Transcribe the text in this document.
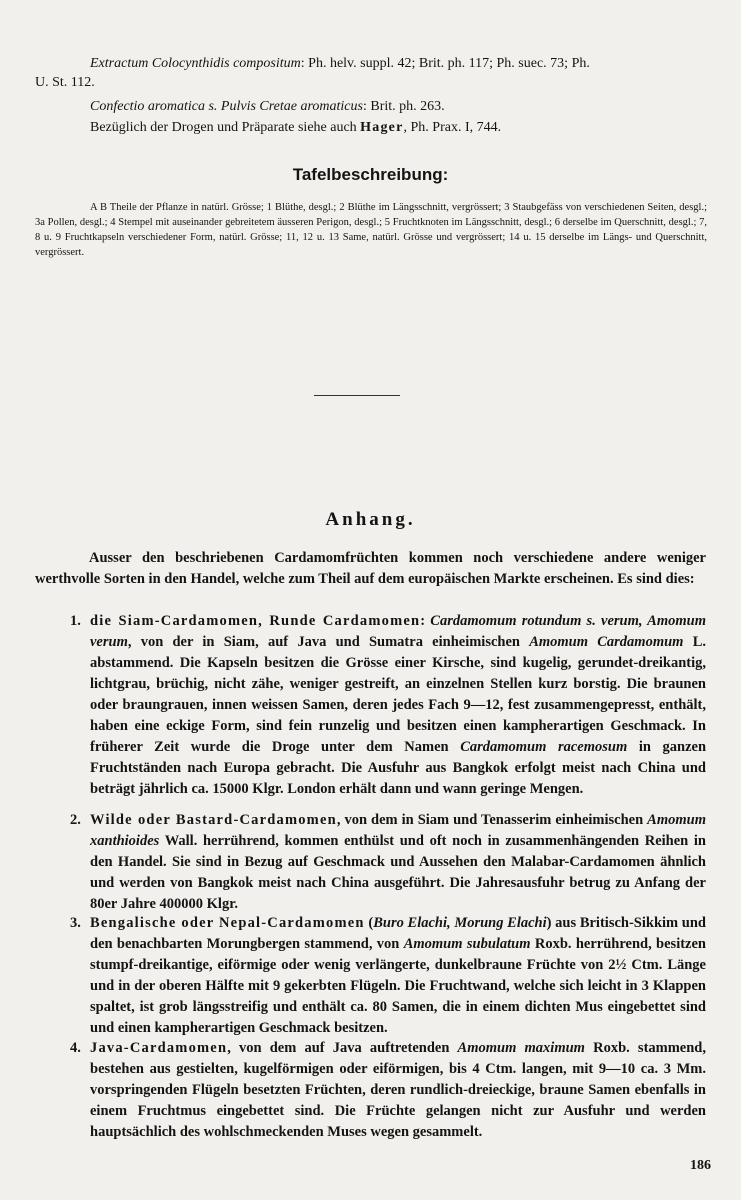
Extractum Colocynthidis compositum: Ph. helv. suppl. 42; Brit. ph. 117; Ph. suec. 73; Ph.
U. St. 112.
Confectio aromatica s. Pulvis Cretae aromaticus: Brit. ph. 263.
Bezüglich der Drogen und Präparate siehe auch Hager, Ph. Prax. I, 744.
Tafelbeschreibung:
A B Theile der Pflanze in natürl. Grösse; 1 Blüthe, desgl.; 2 Blüthe im Längsschnitt, vergrössert; 3 Staubgefäss von verschiedenen Seiten, desgl.; 3a Pollen, desgl.; 4 Stempel mit auseinander gebreitetem äusseren Perigon, desgl.; 5 Fruchtknoten im Längsschnitt, desgl.; 6 derselbe im Querschnitt, desgl.; 7, 8 u. 9 Fruchtkapseln verschiedener Form, natürl. Grösse; 11, 12 u. 13 Same, natürl. Grösse und vergrössert; 14 u. 15 derselbe im Längs- und Querschnitt, vergrössert.
Anhang.
Ausser den beschriebenen Cardamomfrüchten kommen noch verschiedene andere weniger werthvolle Sorten in den Handel, welche zum Theil auf dem europäischen Markte erscheinen. Es sind dies:
1. die Siam-Cardamomen, Runde Cardamomen: Cardamomum rotundum s. verum, Amomum verum, von der in Siam, auf Java und Sumatra einheimischen Amomum Cardamomum L. abstammend. Die Kapseln besitzen die Grösse einer Kirsche, sind kugelig, gerundet-dreikantig, lichtgrau, brüchig, nicht zähe, weniger gestreift, an einzelnen Stellen kurz borstig. Die braunen oder braungrauen, innen weissen Samen, deren jedes Fach 9—12, fest zusammengepresst, enthält, haben eine eckige Form, sind fein runzelig und besitzen einen kampherartigen Geschmack. In früherer Zeit wurde die Droge unter dem Namen Cardamomum racemosum in ganzen Fruchtständen nach Europa gebracht. Die Ausfuhr aus Bangkok erfolgt meist nach China und beträgt jährlich ca. 15000 Klgr. London erhält dann und wann geringe Mengen.
2. Wilde oder Bastard-Cardamomen, von dem in Siam und Tenasserim einheimischen Amomum xanthioides Wall. herrührend, kommen enthülst und oft noch in zusammenhängenden Reihen in den Handel. Sie sind in Bezug auf Geschmack und Aussehen den Malabar-Cardamomen ähnlich und werden von Bangkok meist nach China ausgeführt. Die Jahresausfuhr betrug zu Anfang der 80er Jahre 400000 Klgr.
3. Bengalische oder Nepal-Cardamomen (Buro Elachi, Morung Elachi) aus Britisch-Sikkim und den benachbarten Morungbergen stammend, von Amomum subulatum Roxb. herrührend, besitzen stumpf-dreikantige, eiförmige oder wenig verlängerte, dunkelbraune Früchte von 2½ Ctm. Länge und in der oberen Hälfte mit 9 gekerbten Flügeln. Die Fruchtwand, welche sich leicht in 3 Klappen spaltet, ist grob längsstreifig und enthält ca. 80 Samen, die in einem dichten Mus eingebettet sind und einen kampherartigen Geschmack besitzen.
4. Java-Cardamomen, von dem auf Java auftretenden Amomum maximum Roxb. stammend, bestehen aus gestielten, kugelförmigen oder eiförmigen, bis 4 Ctm. langen, mit 9—10 ca. 3 Mm. vorspringenden Flügeln besetzten Früchten, deren rundlich-dreieckige, braune Samen ebenfalls in einem Fruchtmus eingebettet sind. Die Früchte gelangen nicht zur Ausfuhr und werden hauptsächlich des wohlschmeckenden Muses wegen gesammelt.
186
